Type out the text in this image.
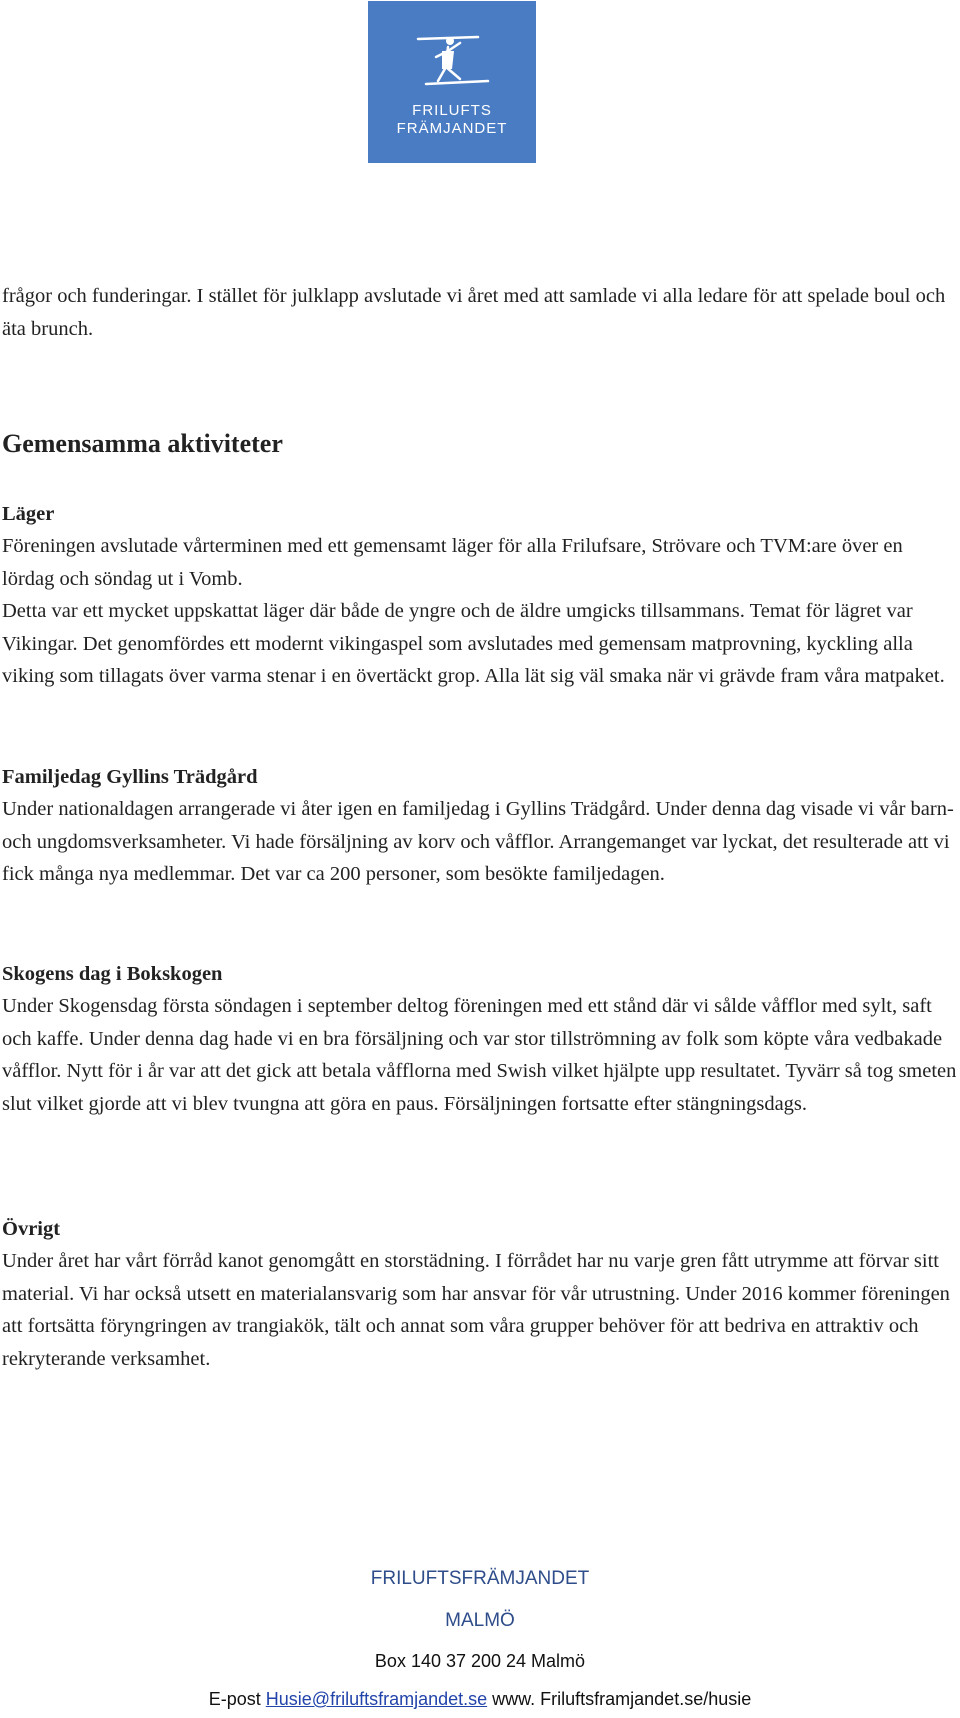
FRILUFTS
FRÄMJANDET

frågor och funderingar. I stället för julklapp avslutade vi året med att samlade vi alla ledare för att spelade boul och äta brunch.

Gemensamma aktiviteter
Läger

Föreningen avslutade vårterminen med ett gemensamt läger för alla Frilufsare, Strövare och TVM:are över en lördag och söndag ut i Vomb.

Detta var ett mycket uppskattat läger där både de yngre och de äldre umgicks tillsammans. Temat för lägret var Vikingar. Det genomfördes ett modernt vikingaspel som avslutades med gemensam matprovning, kyckling alla viking som tillagats över varma stenar i en övertäckt grop. Alla lät sig väl smaka när vi grävde fram våra matpaket.

Familjedag Gyllins Trädgård

Under nationaldagen arrangerade vi åter igen en familjedag i Gyllins Trädgård. Under denna dag visade vi vår barn- och ungdomsverksamheter. Vi hade försäljning av korv och våfflor. Arrangemanget var lyckat, det resulterade att vi fick många nya medlemmar. Det var ca 200 personer, som besökte familjedagen.

Skogens dag i Bokskogen

Under Skogensdag första söndagen i september deltog föreningen med ett stånd där vi sålde våfflor med sylt, saft och kaffe. Under denna dag hade vi en bra försäljning och var stor tillströmning av folk som köpte våra vedbakade våfflor. Nytt för i år var att det gick att betala våfflorna med Swish vilket hjälpte upp resultatet. Tyvärr så tog smeten slut vilket gjorde att vi blev tvungna att göra en paus. Försäljningen fortsatte efter stängningsdags.

Övrigt

Under året har vårt förråd kanot genomgått en storstädning. I förrådet har nu varje gren fått utrymme att förvar sitt material. Vi har också utsett en materialansvarig som har ansvar för vår utrustning. Under 2016 kommer föreningen att fortsätta föryngringen av trangiakök, tält och annat som våra grupper behöver för att bedriva en attraktiv och rekryterande verksamhet.

FRILUFTSFRÄMJANDET
MALMÖ
Box 140 37 200 24 Malmö
E-post Husie@friluftsframjandet.se www. Friluftsframjandet.se/husie
